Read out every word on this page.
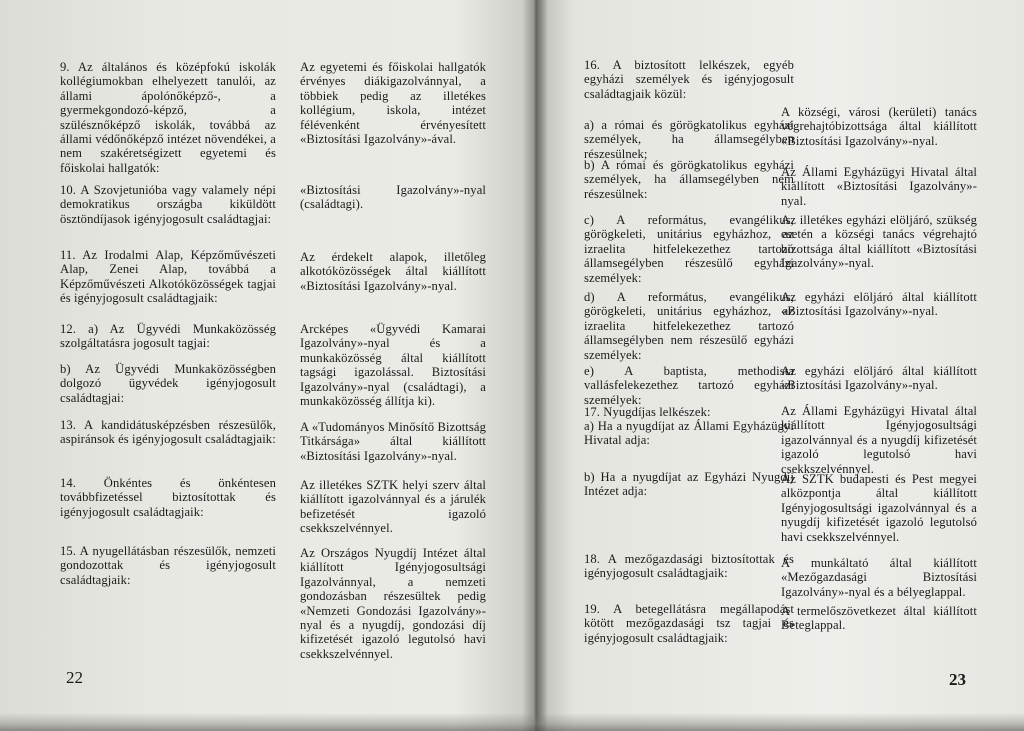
9. Az általános és középfokú iskolák kollégiumokban elhelyezett tanulói, az állami ápolónőképző-, a gyermekgondozó-képző, a szülésznőképző iskolák, továbbá az állami védőnőképző intézet növendékei, a nem szakéretségizett egyetemi és főiskolai hallgatók:

10. A Szovjetunióba vagy valamely népi demokratikus országba kiküldött ösztöndíjasok igényjogosult családtagjai:

11. Az Irodalmi Alap, Képzőművészeti Alap, Zenei Alap, továbbá a Képzőművészeti Alkotóközösségek tagjai és igényjogosult családtagjaik:

12. a) Az Ügyvédi Munkaközösség szolgáltatásra jogosult tagjai:

b) Az Ügyvédi Munkaközösségben dolgozó ügyvédek igényjogosult családtagjai:

13. A kandidátusképzésben részesülők, aspiránsok és igényjogosult családtagjaik:

14. Önkéntes és önkéntesen továbbfizetéssel biztosítottak és igényjogosult családtagjaik:

15. A nyugellátásban részesülők, nemzeti gondozottak és igényjogosult családtagjaik:

Az egyetemi és főiskolai hallgatók érvényes diákigazolvánnyal, a többiek pedig az illetékes kollégium, iskola, intézet félévenként érvényesített «Biztosítási Igazolvány»-ával.

«Biztosítási Igazolvány»-nyal (családtagi).

Az érdekelt alapok, illetőleg alkotóközösségek által kiállított «Biztosítási Igazolvány»-nyal.

Arcképes «Ügyvédi Kamarai Igazolvány»-nyal és a munkaközösség által kiállított tagsági igazolással. Biztosítási Igazolvány»-nyal (családtagi), a munkaközösség állítja ki).

A «Tudományos Minősítő Bizottság Titkársága» által kiállított «Biztosítási Igazolvány»-nyal.

Az illetékes SZTK helyi szerv által kiállított igazolvánnyal és a járulék befizetését igazoló csekkszelvénnyel.

Az Országos Nyugdíj Intézet által kiállított Igényjogosultsági Igazolvánnyal, a nemzeti gondozásban részesültek pedig «Nemzeti Gondozási Igazolvány»-nyal és a nyugdíj, gondozási díj kifizetését igazoló legutolsó havi csekkszelvénnyel.

22

16. A biztosított lelkészek, egyéb egyházi személyek és igényjogosult családtagjaik közül:

a) a római és görögkatolikus egyházi személyek, ha államsegélyben részesülnek;

b) A római és görögkatolikus egyházi személyek, ha államsegélyben nem részesülnek:

c) A református, evangélikus, görögkeleti, unitárius egyházhoz, az izraelita hitfelekezethez tartozó államsegélyben részesülő egyházi személyek:

d) A református, evangélikus, görögkeleti, unitárius egyházhoz, az izraelita hitfelekezethez tartozó államsegélyben nem részesülő egyházi személyek:

e) A baptista, methodista vallásfelekezethez tartozó egyházi személyek:

17. Nyugdíjas lelkészek:

a) Ha a nyugdíjat az Állami Egyházügyi Hivatal adja:

b) Ha a nyugdíjat az Egyházi Nyugdíj Intézet adja:

18. A mezőgazdasági biztosítottak és igényjogosult családtagjaik:

19. A betegellátásra megállapodást kötött mezőgazdasági tsz tagjai és igényjogosult családtagjaik:

A községi, városi (kerületi) tanács végrehajtóbizottsága által kiállított «Biztosítási Igazolvány»-nyal.

Az Állami Egyházügyi Hivatal által kiállított «Biztosítási Igazolvány»-nyal.

Az illetékes egyházi elöljáró, szükség esetén a községi tanács végrehajtó bizottsága által kiállított «Biztosítási Igazolvány»-nyal.

Az egyházi elöljáró által kiállított «Biztosítási Igazolvány»-nyal.

Az egyházi elöljáró által kiállított «Biztosítási Igazolvány»-nyal.

Az Állami Egyházügyi Hivatal által kiállított Igényjogosultsági igazolvánnyal és a nyugdíj kifizetését igazoló legutolsó havi csekkszelvénnyel.

Az SZTK budapesti és Pest megyei alközpontja által kiállított Igényjogosultsági igazolvánnyal és a nyugdíj kifizetését igazoló legutolsó havi csekkszelvénnyel.

A munkáltató által kiállított «Mezőgazdasági Biztosítási Igazolvány»-nyal és a bélyeglappal.

A termelőszövetkezet által kiállított Beteglappal.

23
